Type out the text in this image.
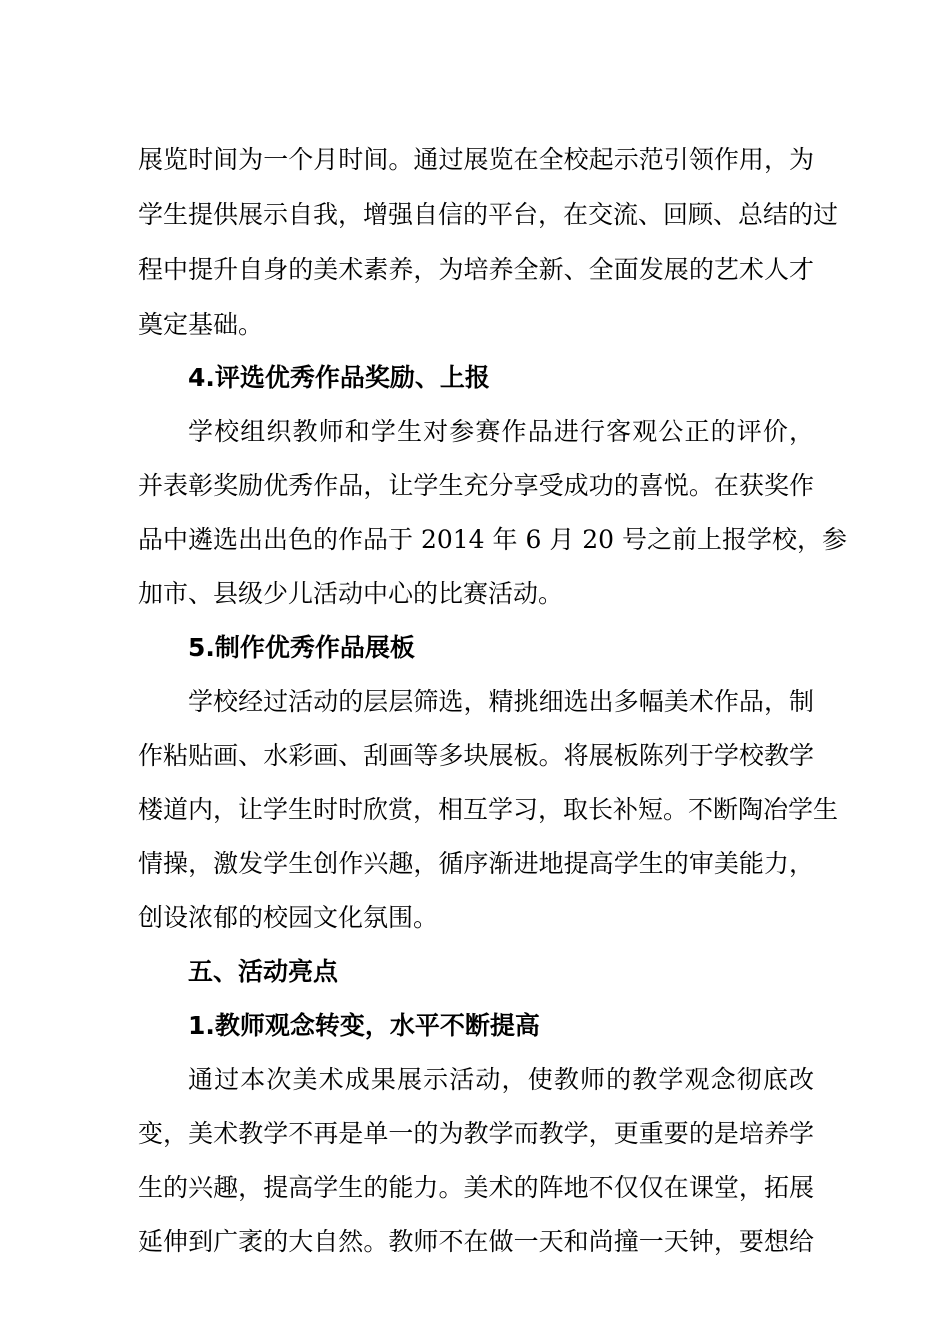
展览时间为一个月时间。通过展览在全校起示范引领作用，为
学生提供展示自我，增强自信的平台，在交流、回顾、总结的过
程中提升自身的美术素养，为培养全新、全面发展的艺术人才
奠定基础。
4.评选优秀作品奖励、上报
学校组织教师和学生对参赛作品进行客观公正的评价，
并表彰奖励优秀作品，让学生充分享受成功的喜悦。在获奖作
品中遴选出出色的作品于 2014 年 6 月 20 号之前上报学校，参
加市、县级少儿活动中心的比赛活动。
5.制作优秀作品展板
学校经过活动的层层筛选，精挑细选出多幅美术作品，制
作粘贴画、水彩画、刮画等多块展板。将展板陈列于学校教学
楼道内，让学生时时欣赏，相互学习，取长补短。不断陶冶学生
情操，激发学生创作兴趣，循序渐进地提高学生的审美能力，
创设浓郁的校园文化氛围。
五、活动亮点
1.教师观念转变，水平不断提高
通过本次美术成果展示活动，使教师的教学观念彻底改
变，美术教学不再是单一的为教学而教学，更重要的是培养学
生的兴趣，提高学生的能力。美术的阵地不仅仅在课堂，拓展
延伸到广袤的大自然。教师不在做一天和尚撞一天钟，要想给
